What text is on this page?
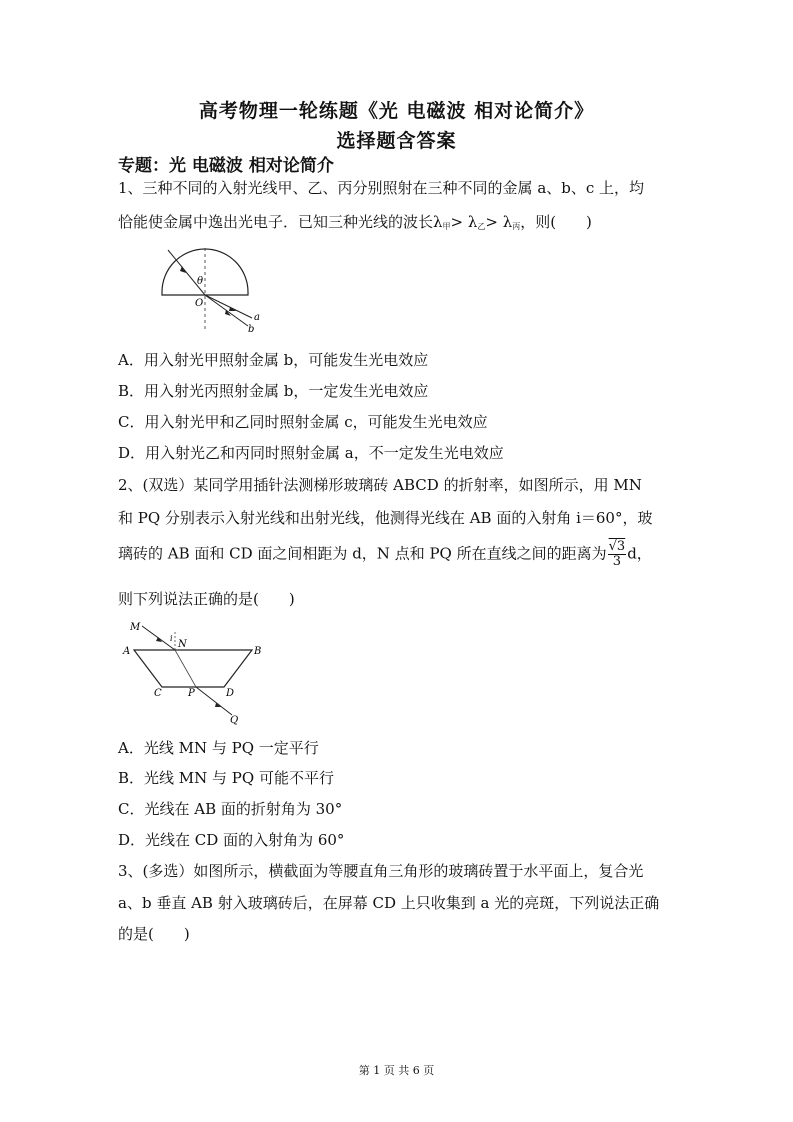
高考物理一轮练题《光 电磁波 相对论简介》
选择题含答案
专题：光 电磁波 相对论简介
1、三种不同的入射光线甲、乙、丙分别照射在三种不同的金属 a、b、c 上，均
恰能使金属中逸出光电子．已知三种光线的波长$\lambda_甲> \lambda_乙> \lambda_丙$，则(　　)
θ
O
a
b
A．用入射光甲照射金属 b，可能发生光电效应
B．用入射光丙照射金属 b，一定发生光电效应
C．用入射光甲和乙同时照射金属 c，可能发生光电效应
D．用入射光乙和丙同时照射金属 a，不一定发生光电效应
2、(双选）某同学用插针法测梯形玻璃砖 ABCD 的折射率，如图所示，用 MN
和 PQ 分别表示入射光线和出射光线，他测得光线在 AB 面的入射角 i＝60°，玻
璃砖的 AB 面和 CD 面之间相距为 d，N 点和 PQ 所在直线之间的距离为 $\frac{√3}{3}$ d，
则下列说法正确的是(　　)
M
i
N
A	B
C	P	D
Q
A．光线 MN 与 PQ 一定平行
B．光线 MN 与 PQ 可能不平行
C．光线在 AB 面的折射角为 30°
D．光线在 CD 面的入射角为 60°
3、(多选）如图所示，横截面为等腰直角三角形的玻璃砖置于水平面上，复合光
a、b 垂直 AB 射入玻璃砖后，在屏幕 CD 上只收集到 a 光的亮斑，下列说法正确
的是(　　)
第 1 页 共 6 页
